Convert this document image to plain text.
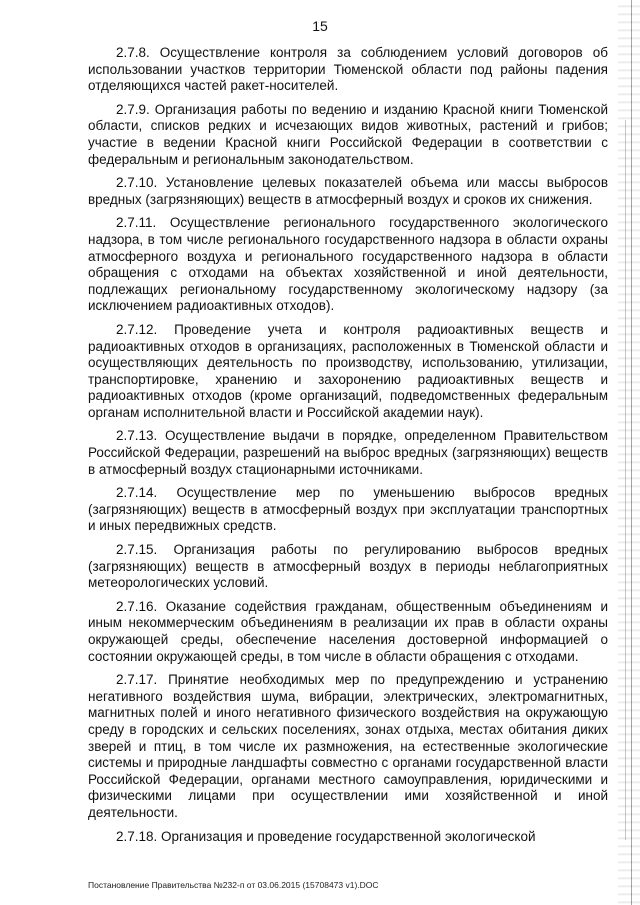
15

2.7.8. Осуществление контроля за соблюдением условий договоров об использовании участков территории Тюменской области под районы падения отделяющихся частей ракет-носителей.

2.7.9. Организация работы по ведению и изданию Красной книги Тюменской области, списков редких и исчезающих видов животных, растений и грибов; участие в ведении Красной книги Российской Федерации в соответствии с федеральным и региональным законодательством.

2.7.10. Установление целевых показателей объема или массы выбросов вредных (загрязняющих) веществ в атмосферный воздух и сроков их снижения.

2.7.11. Осуществление регионального государственного экологического надзора, в том числе регионального государственного надзора в области охраны атмосферного воздуха и регионального государственного надзора в области обращения с отходами на объектах хозяйственной и иной деятельности, подлежащих региональному государственному экологическому надзору (за исключением радиоактивных отходов).

2.7.12. Проведение учета и контроля радиоактивных веществ и радиоактивных отходов в организациях, расположенных в Тюменской области и осуществляющих деятельность по производству, использованию, утилизации, транспортировке, хранению и захоронению радиоактивных веществ и радиоактивных отходов (кроме организаций, подведомственных федеральным органам исполнительной власти и Российской академии наук).

2.7.13. Осуществление выдачи в порядке, определенном Правительством Российской Федерации, разрешений на выброс вредных (загрязняющих) веществ в атмосферный воздух стационарными источниками.

2.7.14. Осуществление мер по уменьшению выбросов вредных (загрязняющих) веществ в атмосферный воздух при эксплуатации транспортных и иных передвижных средств.

2.7.15. Организация работы по регулированию выбросов вредных (загрязняющих) веществ в атмосферный воздух в периоды неблагоприятных метеорологических условий.

2.7.16. Оказание содействия гражданам, общественным объединениям и иным некоммерческим объединениям в реализации их прав в области охраны окружающей среды, обеспечение населения достоверной информацией о состоянии окружающей среды, в том числе в области обращения с отходами.

2.7.17. Принятие необходимых мер по предупреждению и устранению негативного воздействия шума, вибрации, электрических, электромагнитных, магнитных полей и иного негативного физического воздействия на окружающую среду в городских и сельских поселениях, зонах отдыха, местах обитания диких зверей и птиц, в том числе их размножения, на естественные экологические системы и природные ландшафты совместно с органами государственной власти Российской Федерации, органами местного самоуправления, юридическими и физическими лицами при осуществлении ими хозяйственной и иной деятельности.

2.7.18. Организация и проведение государственной экологической

Постановление Правительства №232-п от 03.06.2015 (15708473 v1).DOC
